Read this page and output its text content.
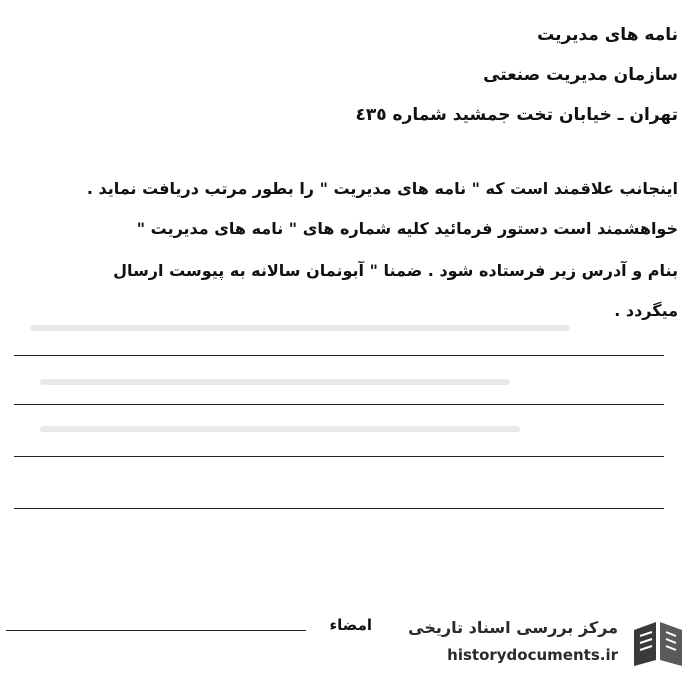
نامه های مدیریت
سازمان مدیریت صنعتی
تهران ـ خیابان تخت جمشید شماره ٤٣٥
اینجانب علاقمند است که " نامه های مدیریت " را بطور مرتب دریافت نماید .
خواهشمند است دستور فرمائید کلیه شماره های " نامه های مدیریت "
بنام و آدرس زیر فرستاده شود . ضمنا " آبونمان سالانه به پیوست ارسال
میگردد .
امضاء مرکز بررسی اسناد تاریخی
historydocuments.ir
